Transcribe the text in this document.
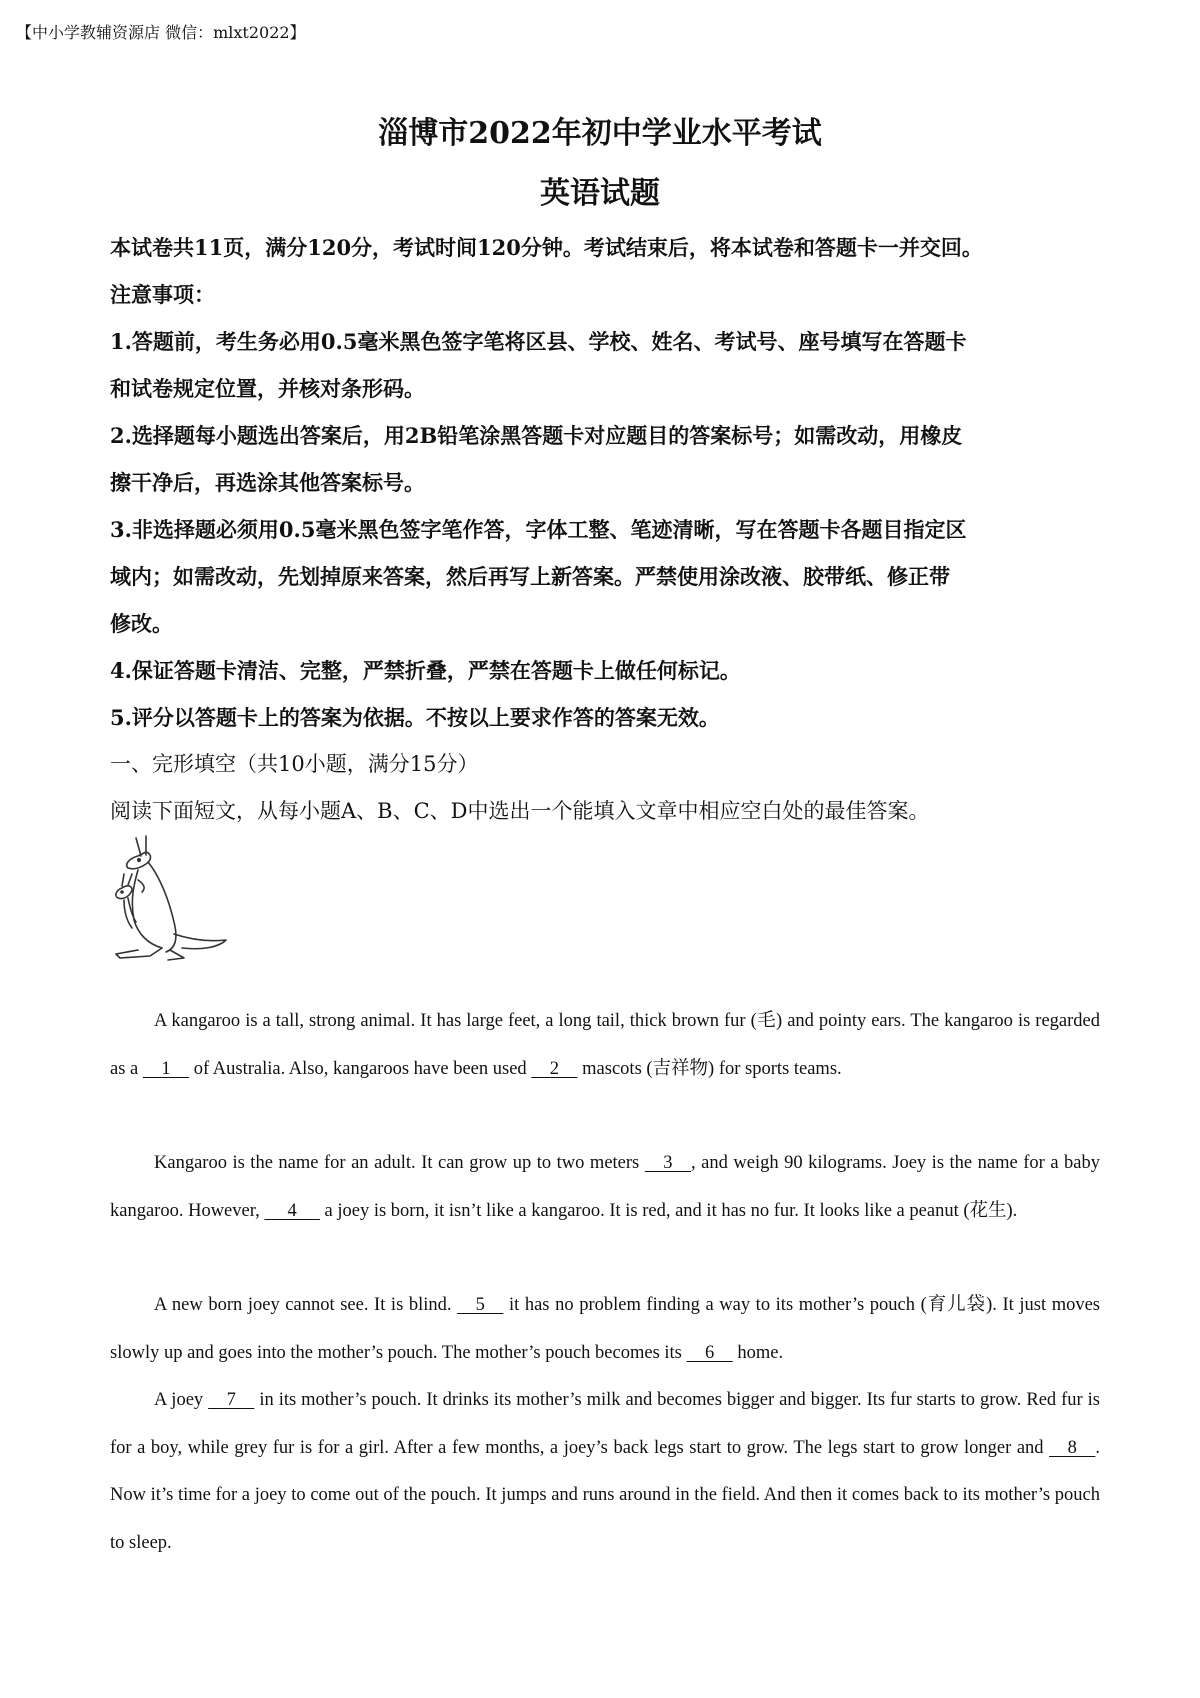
【中小学教辅资源店 微信：mlxt2022】
淄博市2022年初中学业水平考试
英语试题
本试卷共11页，满分120分，考试时间120分钟。考试结束后，将本试卷和答题卡一并交回。
注意事项：
1.答题前，考生务必用0.5毫米黑色签字笔将区县、学校、姓名、考试号、座号填写在答题卡
和试卷规定位置，并核对条形码。
2.选择题每小题选出答案后，用2B铅笔涂黑答题卡对应题目的答案标号；如需改动，用橡皮
擦干净后，再选涂其他答案标号。
3.非选择题必须用0.5毫米黑色签字笔作答，字体工整、笔迹清晰，写在答题卡各题目指定区
域内；如需改动，先划掉原来答案，然后再写上新答案。严禁使用涂改液、胶带纸、修正带
修改。
4.保证答题卡清洁、完整，严禁折叠，严禁在答题卡上做任何标记。
5.评分以答题卡上的答案为依据。不按以上要求作答的答案无效。
一、完形填空（共10小题，满分15分）
阅读下面短文，从每小题A、B、C、D中选出一个能填入文章中相应空白处的最佳答案。
A kangaroo is a tall, strong animal. It has large feet, a long tail, thick brown fur (毛) and pointy ears. The kangaroo is regarded as a     1     of Australia. Also, kangaroos have been used     2     mascots (吉祥物) for sports teams.
Kangaroo is the name for an adult. It can grow up to two meters     3    , and weigh 90 kilograms. Joey is the name for a baby kangaroo. However,      4      a joey is born, it isn’t like a kangaroo. It is red, and it has no fur. It looks like a peanut (花生).
A new born joey cannot see. It is blind.     5     it has no problem finding a way to its mother’s pouch (育儿袋). It just moves slowly up and goes into the mother’s pouch. The mother’s pouch becomes its     6     home.
A joey     7     in its mother’s pouch. It drinks its mother’s milk and becomes bigger and bigger. Its fur starts to grow. Red fur is for a boy, while grey fur is for a girl. After a few months, a joey’s back legs start to grow. The legs start to grow longer and     8    . Now it’s time for a joey to come out of the pouch. It jumps and runs around in the field. And then it comes back to its mother’s pouch to sleep.
